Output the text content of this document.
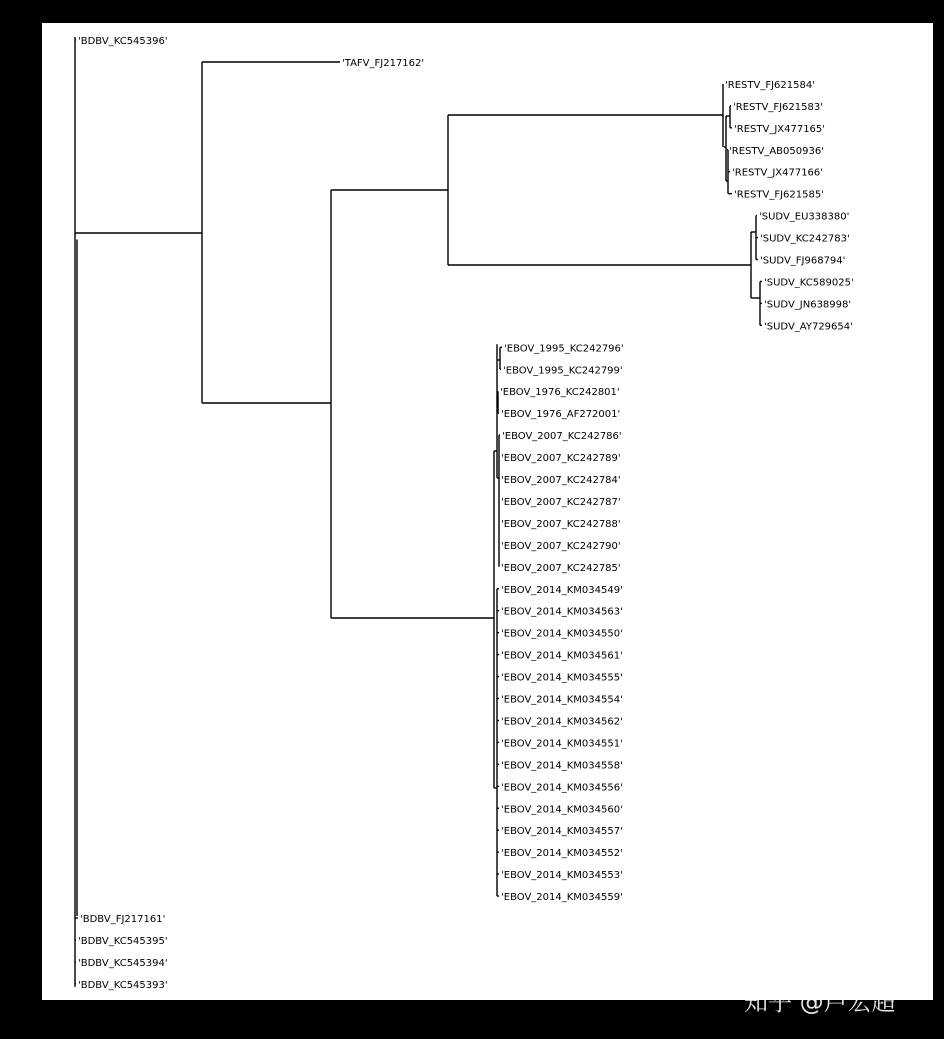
'BDBV_KC545396'
'TAFV_FJ217162'
'RESTV_FJ621584'
'RESTV_FJ621583'
'RESTV_JX477165'
'RESTV_AB050936'
'RESTV_JX477166'
'RESTV_FJ621585'
'SUDV_EU338380'
'SUDV_KC242783'
'SUDV_FJ968794'
'SUDV_KC589025'
'SUDV_JN638998'
'SUDV_AY729654'
'EBOV_1995_KC242796'
'EBOV_1995_KC242799'
'EBOV_1976_KC242801'
'EBOV_1976_AF272001'
'EBOV_2007_KC242786'
'EBOV_2007_KC242789'
'EBOV_2007_KC242784'
'EBOV_2007_KC242787'
'EBOV_2007_KC242788'
'EBOV_2007_KC242790'
'EBOV_2007_KC242785'
'EBOV_2014_KM034549'
'EBOV_2014_KM034563'
'EBOV_2014_KM034550'
'EBOV_2014_KM034561'
'EBOV_2014_KM034555'
'EBOV_2014_KM034554'
'EBOV_2014_KM034562'
'EBOV_2014_KM034551'
'EBOV_2014_KM034558'
'EBOV_2014_KM034556'
'EBOV_2014_KM034560'
'EBOV_2014_KM034557'
'EBOV_2014_KM034552'
'EBOV_2014_KM034553'
'EBOV_2014_KM034559'
'BDBV_FJ217161'
'BDBV_KC545395'
'BDBV_KC545394'
'BDBV_KC545393'
知乎 @卢宏超
